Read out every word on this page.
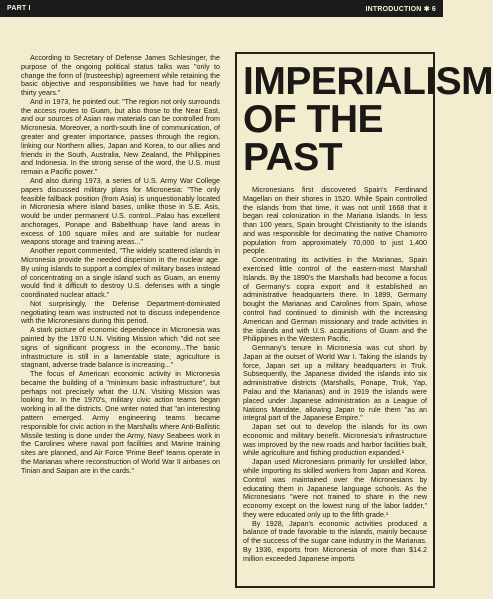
PART I	INTRODUCTION ✱ 6

According to Secretary of Defense James Schlesinger, the purpose of the ongoing political status talks was "only to change the form of (trusteeship) agreement while retaining the basic objective and responsibilities we have had for nearly thirty years."

And in 1973, he pointed out: "The region not only surrounds the access routes to Guam, but also those to the Near East, and our sources of Asian raw materials can be controlled from Micronesia. Moreover, a north-south line of communication, of greater and greater importance, passes through the region, linking our Northern allies, Japan and Korea, to our allies and friends in the South, Australia, New Zealand, the Philippines and Indonesia. In the strong sense of the word, the U.S. must remain a Pacific power."

And also during 1973, a series of U.S. Army War College papers discussed military plans for Micronesia: "The only feasible fallback position (from Asia) is unquestionably located in Micronesia where island bases, unlike those in S.E. Asis, would be under permanent U.S. control...Palau has excellent anchorages, Ponape and Babelthuap have land areas in excess of 100 square miles and are suitable for nuclear weapons storage and training areas..."

Another report commented, "The widely scattered islands in Micronesia provide the needed dispersion in the nuclear age. By using islands to support a complex of military bases instead of concentrating on a single island such as Guam, an enemy would find it difficult to destroy U.S. defenses with a single coordinated nuclear attack."

Not surprisingly, the Defense Department-dominated negotiating team was instructed not to discuss independence with the Micronesians during this period.

A stark picture of economic dependence in Micronesia was painted by the 1970 U.N. Visiting Mission which "did not see signs of significant progress in the economy...The basic infrastructure is still in a lamentable state, agriculture is stagnant, adverse trade balance is increasing..."

The focus of American economic activity in Micronesia became the building of a "minimum basic infrastructure", but perhaps not precisely what the U.N. Visiting Mission was looking for. In the 1970's, military civic action teams began working in all the districts. One writer noted that "an interesting pattern emerged. Army engineering teams became responsible for civic action in the Marshalls where Anti-Ballistic Missile testing is done under the Army, Navy Seabees work in the Carolines where naval port facilities and Marine training sites are planned, and Air Force 'Prime Beef' teams operate in the Marianas where reconstruction of World War II airbases on Tinian and Saipan are in the cards."

IMPERIALISM
OF THE PAST

Micronesians first discovered Spain's Ferdinand Magellan on their shores in 1520. While Spain controlled the islands from that time, it was not until 1668 that it began real colonization in the Mariana Islands. In less than 100 years, Spain brought Christianity to the islands and was responsible for decimating the native Chamorro population from approximately 70,000 to just 1,400 people.

Concentrating its activities in the Marianas, Spain exercised little control of the eastern-most Marshall Islands. By the 1890's the Marshalls had become a focus of Germany's copra export and it established an administrative headquarters there. In 1899, Germany bought the Marianas and Carolines from Spain, whose control had continued to diminish with the increasing American and German missionary and trade activities in the islands and with U.S. acquisitions of Guam and the Philippines in the Western Pacific.

Germany's tenure in Micronesia was cut short by Japan at the outset of World War I. Taking the islands by force, Japan set up a military headquarters in Truk. Subsequently, the Japanese divided the islands into six administrative districts (Marshalls, Ponape, Truk, Yap, Palau and the Marianas) and in 1919 the islands were placed under Japanese administration as a League of Nations Mandate, allowing Japan to rule them "as an integral part of the Japanese Empire."

Japan set out to develop the islands for its own economic and military benefit. Micronesia's infrastructure was improved by the new roads and harbor facilities built, while agriculture and fishing production expanded.¹

Japan used Micronesians primarily for unskilled labor, while importing its skilled workers from Japan and Korea. Control was maintained over the Micronesians by educating them in Japanese language schools. As the Micronesians "were not trained to share in the new economy except on the lowest rung of the labor ladder," they were educated only up to the fifth grade.¹

By 1928, Japan's economic activities produced a balance of trade favorable to the islands, mainly because of the success of the sugar cane industry in the Marianas. By 1936, exports from Micronesia of more than $14.2 million exceeded Japanese imports
